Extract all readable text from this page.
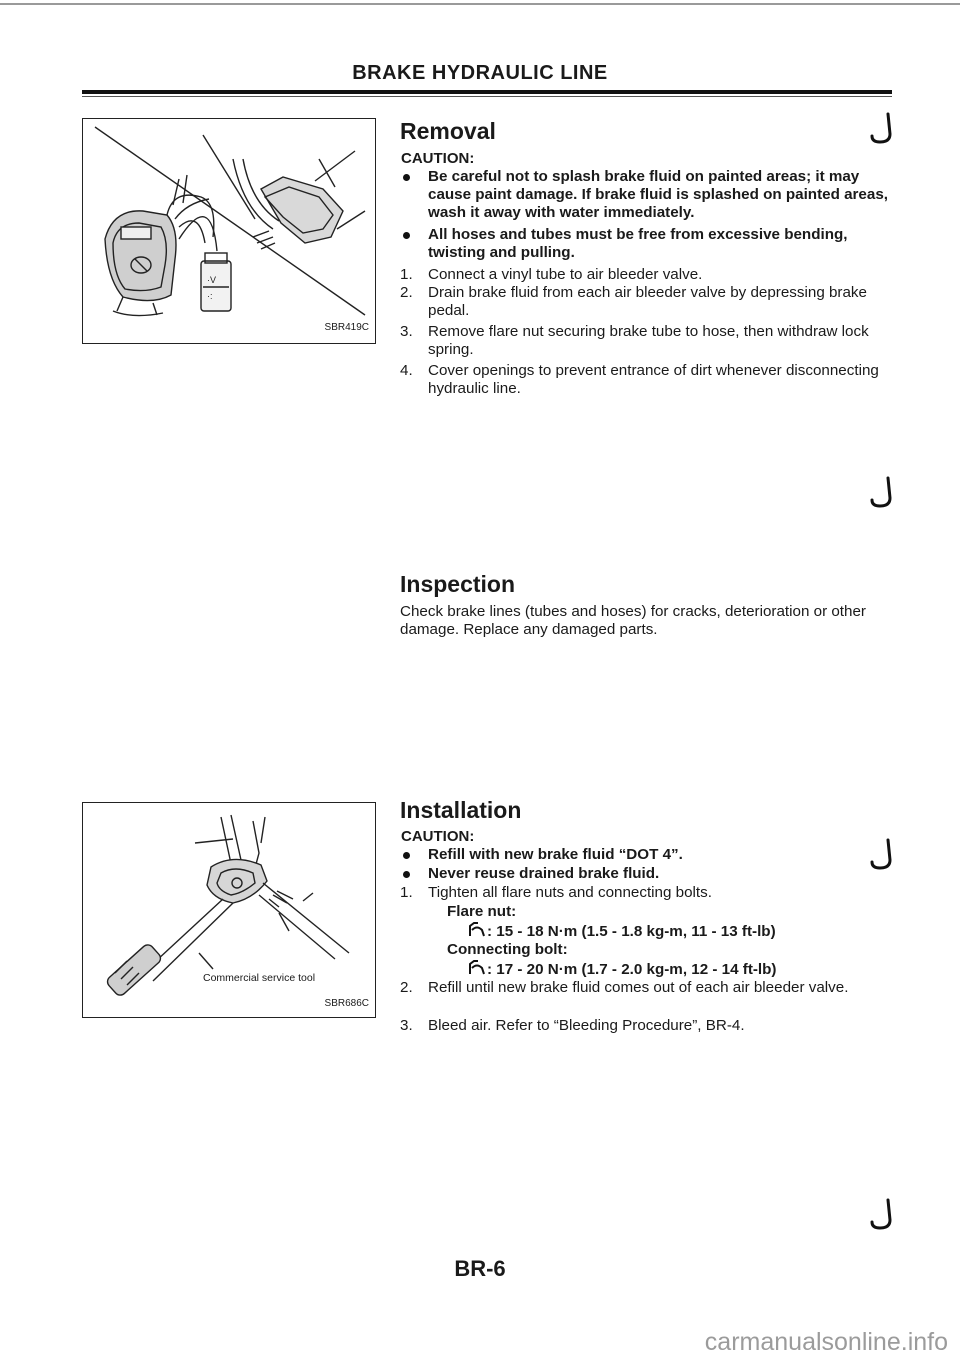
BRAKE HYDRAULIC LINE
·V
·:
SBR419C
Commercial service tool
SBR686C
Removal
CAUTION:
Be careful not to splash brake fluid on painted areas; it may cause paint damage. If brake fluid is splashed on painted areas, wash it away with water immediately.
All hoses and tubes must be free from excessive bending, twisting and pulling.
1.	Connect a vinyl tube to air bleeder valve.
2.	Drain brake fluid from each air bleeder valve by depressing brake pedal.
3.	Remove flare nut securing brake tube to hose, then withdraw lock spring.
4.	Cover openings to prevent entrance of dirt whenever disconnecting hydraulic line.
Inspection
Check brake lines (tubes and hoses) for cracks, deterioration or other damage. Replace any damaged parts.
Installation
CAUTION:
Refill with new brake fluid “DOT 4”.
Never reuse drained brake fluid.
1.	Tighten all flare nuts and connecting bolts.
Flare nut:
: 15 - 18 N·m (1.5 - 1.8 kg-m, 11 - 13 ft-lb)
Connecting bolt:
: 17 - 20 N·m (1.7 - 2.0 kg-m, 12 - 14 ft-lb)
2.	Refill until new brake fluid comes out of each air bleeder valve.
3.	Bleed air. Refer to “Bleeding Procedure”, BR-4.
BR-6
carmanualsonline.info
